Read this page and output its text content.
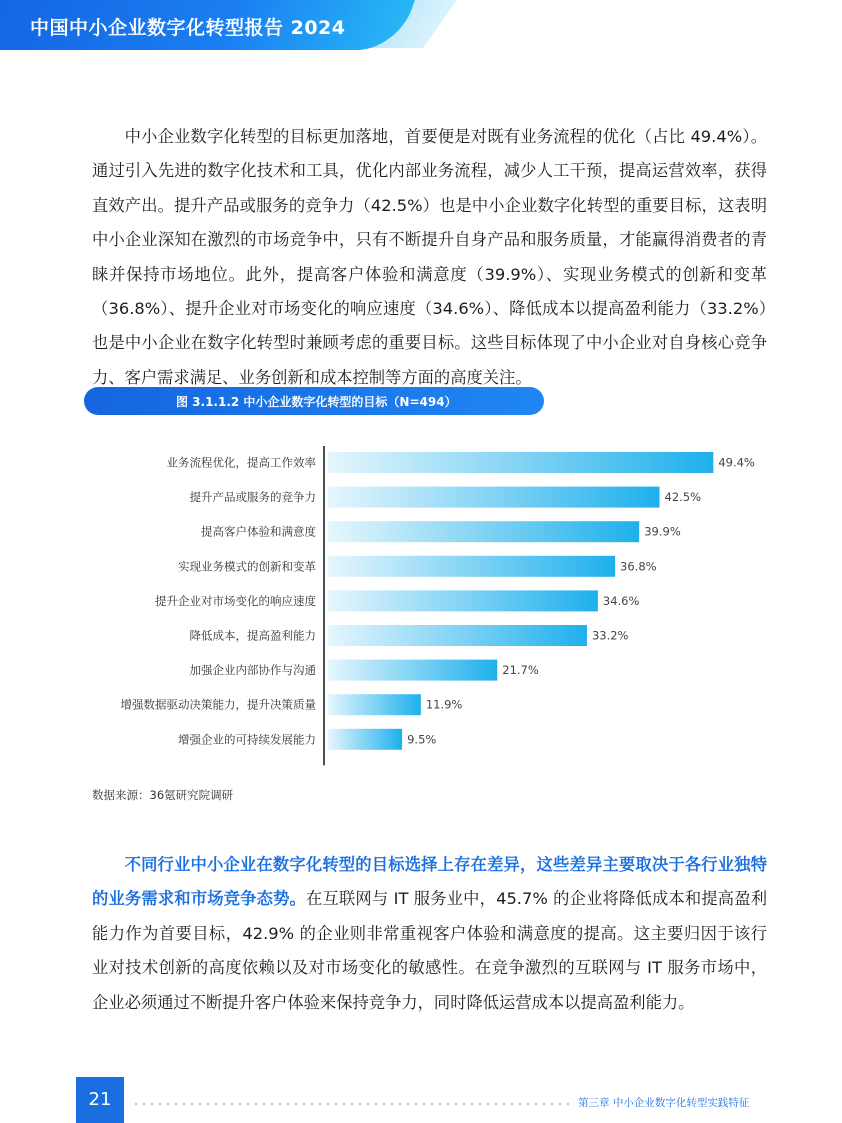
中国中小企业数字化转型报告 2024

中小企业数字化转型的目标更加落地，首要便是对既有业务流程的优化（占比 49.4%）。通过引入先进的数字化技术和工具，优化内部业务流程，减少人工干预，提高运营效率，获得直效产出。提升产品或服务的竞争力（42.5%）也是中小企业数字化转型的重要目标，这表明中小企业深知在激烈的市场竞争中，只有不断提升自身产品和服务质量，才能赢得消费者的青睐并保持市场地位。此外，提高客户体验和满意度（39.9%）、实现业务模式的创新和变革（36.8%）、提升企业对市场变化的响应速度（34.6%）、降低成本以提高盈利能力（33.2%）也是中小企业在数字化转型时兼顾考虑的重要目标。这些目标体现了中小企业对自身核心竞争力、客户需求满足、业务创新和成本控制等方面的高度关注。

图 3.1.1.2 中小企业数字化转型的目标（N=494）
业务流程优化，提高工作效率	49.4%
提升产品或服务的竞争力	42.5%
提高客户体验和满意度	39.9%
实现业务模式的创新和变革	36.8%
提升企业对市场变化的响应速度	34.6%
降低成本，提高盈利能力	33.2%
加强企业内部协作与沟通	21.7%
增强数据驱动决策能力，提升决策质量	11.9%
增强企业的可持续发展能力	9.5%
数据来源：36氪研究院调研

不同行业中小企业在数字化转型的目标选择上存在差异，这些差异主要取决于各行业独特的业务需求和市场竞争态势。在互联网与 IT 服务业中，45.7% 的企业将降低成本和提高盈利能力作为首要目标，42.9% 的企业则非常重视客户体验和满意度的提高。这主要归因于该行业对技术创新的高度依赖以及对市场变化的敏感性。在竞争激烈的互联网与 IT 服务市场中，企业必须通过不断提升客户体验来保持竞争力，同时降低运营成本以提高盈利能力。

21	第三章 中小企业数字化转型实践特征
